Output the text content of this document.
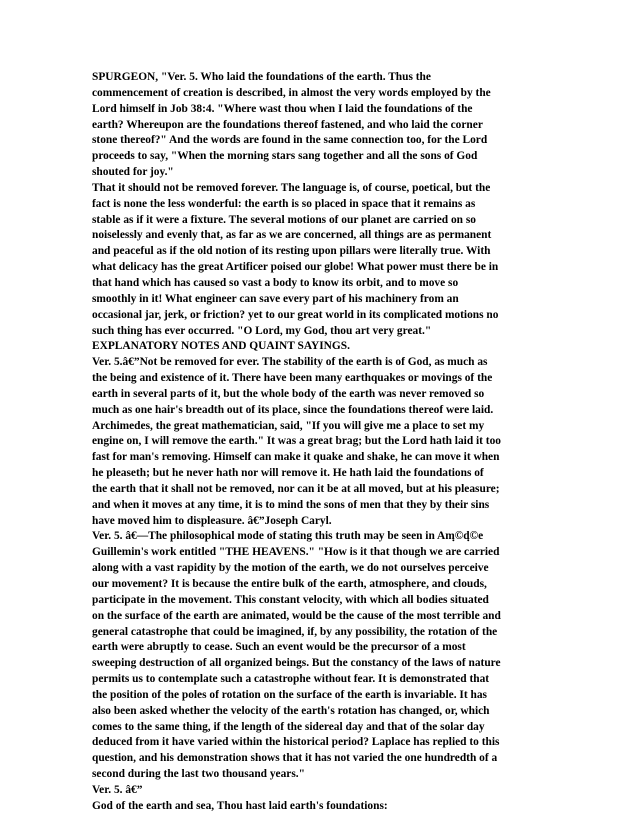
SPURGEON, "Ver. 5. Who laid the foundations of the earth. Thus the
commencement of creation is described, in almost the very words employed by the
Lord himself in Job 38:4. "Where wast thou when I laid the foundations of the
earth? Whereupon are the foundations thereof fastened, and who laid the corner
stone thereof?" And the words are found in the same connection too, for the Lord
proceeds to say, "When the morning stars sang together and all the sons of God
shouted for joy."
That it should not be removed forever. The language is, of course, poetical, but the
fact is none the less wonderful: the earth is so placed in space that it remains as
stable as if it were a fixture. The several motions of our planet are carried on so
noiselessly and evenly that, as far as we are concerned, all things are as permanent
and peaceful as if the old notion of its resting upon pillars were literally true. With
what delicacy has the great Artificer poised our globe! What power must there be in
that hand which has caused so vast a body to know its orbit, and to move so
smoothly in it! What engineer can save every part of his machinery from an
occasional jar, jerk, or friction? yet to our great world in its complicated motions no
such thing has ever occurred. "O Lord, my God, thou art very great."
EXPLANATORY NOTES AND QUAINT SAYINGS.
Ver. 5.â€”Not be removed for ever. The stability of the earth is of God, as much as
the being and existence of it. There have been many earthquakes or movings of the
earth in several parts of it, but the whole body of the earth was never removed so
much as one hair's breadth out of its place, since the foundations thereof were laid.
Archimedes, the great mathematician, said, "If you will give me a place to set my
engine on, I will remove the earth." It was a great brag; but the Lord hath laid it too
fast for man's removing. Himself can make it quake and shake, he can move it when
he pleaseth; but he never hath nor will remove it. He hath laid the foundations of
the earth that it shall not be removed, nor can it be at all moved, but at his pleasure;
and when it moves at any time, it is to mind the sons of men that they by their sins
have moved him to displeasure. â€”Joseph Caryl.
Ver. 5. â€—The philosophical mode of stating this truth may be seen in Amฺ©dฺ©e
Guillemin's work entitled "THE HEAVENS." "How is it that though we are carried
along with a vast rapidity by the motion of the earth, we do not ourselves perceive
our movement? It is because the entire bulk of the earth, atmosphere, and clouds,
participate in the movement. This constant velocity, with which all bodies situated
on the surface of the earth are animated, would be the cause of the most terrible and
general catastrophe that could be imagined, if, by any possibility, the rotation of the
earth were abruptly to cease. Such an event would be the precursor of a most
sweeping destruction of all organized beings. But the constancy of the laws of nature
permits us to contemplate such a catastrophe without fear. It is demonstrated that
the position of the poles of rotation on the surface of the earth is invariable. It has
also been asked whether the velocity of the earth's rotation has changed, or, which
comes to the same thing, if the length of the sidereal day and that of the solar day
deduced from it have varied within the historical period? Laplace has replied to this
question, and his demonstration shows that it has not varied the one hundredth of a
second during the last two thousand years."
Ver. 5. â€”
God of the earth and sea, Thou hast laid earth's foundations:
